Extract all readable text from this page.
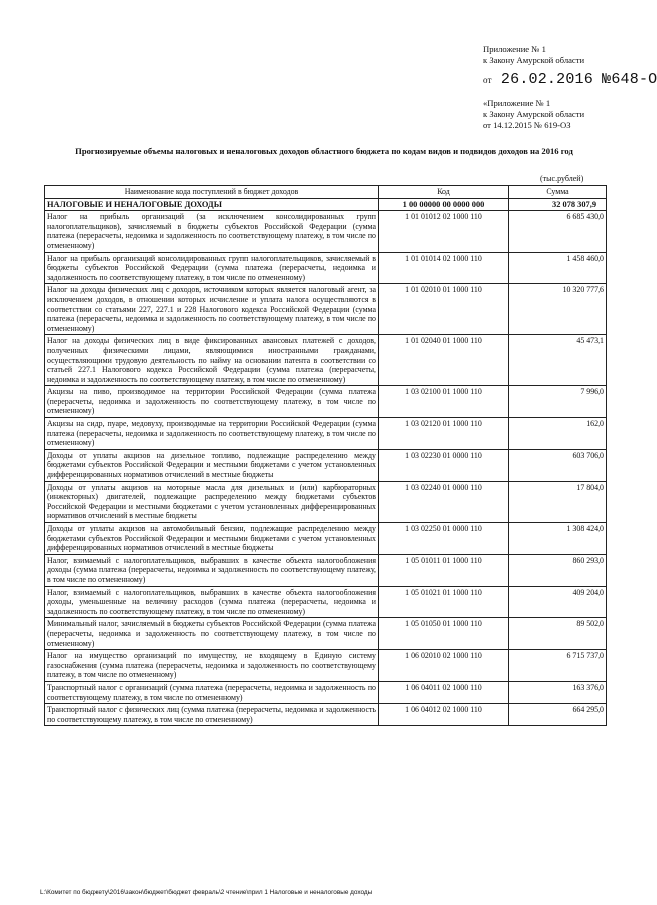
Приложение № 1
к Закону Амурской области
от 26.02.2016 №648-О
«Приложение № 1
к Закону Амурской области
от 14.12.2015 № 619-ОЗ
Прогнозируемые объемы налоговых и неналоговых доходов областного бюджета по кодам видов и подвидов доходов на 2016 год
(тыс.рублей)
Наименование кода поступлений в бюджет доходов	Код	Сумма
НАЛОГОВЫЕ И НЕНАЛОГОВЫЕ ДОХОДЫ	1 00 00000 00 0000 000	32 078 307,9
Налог на прибыль организаций (за исключением консолидированных групп налогоплательщиков), зачисляемый в бюджеты субъектов Российской Федерации (сумма платежа (перерасчеты, недоимка и задолженность по соответствующему платежу, в том числе по отмененному)	1 01 01012 02 1000 110	6 685 430,0
Налог на прибыль организаций консолидированных групп налогоплательщиков, зачисляемый в бюджеты субъектов Российской Федерации (сумма платежа (перерасчеты, недоимка и задолженность по соответствующему платежу, в том числе по отмененному)	1 01 01014 02 1000 110	1 458 460,0
Налог на доходы физических лиц с доходов, источником которых является налоговый агент, за исключением доходов, в отношении которых исчисление и уплата налога осуществляются в соответствии со статьями 227, 227.1 и 228 Налогового кодекса Российской Федерации (сумма платежа (перерасчеты, недоимка и задолженность по соответствующему платежу, в том числе по отмененному)	1 01 02010 01 1000 110	10 320 777,6
Налог на доходы физических лиц в виде фиксированных авансовых платежей с доходов, полученных физическими лицами, являющимися иностранными гражданами, осуществляющими трудовую деятельность по найму на основании патента в соответствии со статьей 227.1 Налогового кодекса Российской Федерации (сумма платежа (перерасчеты, недоимка и задолженность по соответствующему платежу, в том числе по отмененному)	1 01 02040 01 1000 110	45 473,1
Акцизы на пиво, производимое на территории Российской Федерации (сумма платежа (перерасчеты, недоимка и задолженность по соответствующему платежу, в том числе по отмененному)	1 03 02100 01 1000 110	7 996,0
Акцизы на сидр, пуаре, медовуху, производимые на территории Российской Федерации (сумма платежа (перерасчеты, недоимка и задолженность по соответствующему платежу, в том числе по отмененному)	1 03 02120 01 1000 110	162,0
Доходы от уплаты акцизов на дизельное топливо, подлежащие распределению между бюджетами субъектов Российской Федерации и местными бюджетами с учетом установленных дифференцированных нормативов отчислений в местные бюджеты	1 03 02230 01 0000 110	603 706,0
Доходы от уплаты акцизов на моторные масла для дизельных и (или) карбюраторных (инжекторных) двигателей, подлежащие распределению между бюджетами субъектов Российской Федерации и местными бюджетами с учетом установленных дифференцированных нормативов отчислений в местные бюджеты	1 03 02240 01 0000 110	17 804,0
Доходы от уплаты акцизов на автомобильный бензин, подлежащие распределению между бюджетами субъектов Российской Федерации и местными бюджетами с учетом установленных дифференцированных нормативов отчислений в местные бюджеты	1 03 02250 01 0000 110	1 308 424,0
Налог, взимаемый с налогоплательщиков, выбравших в качестве объекта налогообложения доходы (сумма платежа (перерасчеты, недоимка и задолженность по соответствующему платежу, в том числе по отмененному)	1 05 01011 01 1000 110	860 293,0
Налог, взимаемый с налогоплательщиков, выбравших в качестве объекта налогообложения доходы, уменьшенные на величину расходов (сумма платежа (перерасчеты, недоимка и задолженность по соответствующему платежу, в том числе по отмененному)	1 05 01021 01 1000 110	409 204,0
Минимальный налог, зачисляемый в бюджеты субъектов Российской Федерации (сумма платежа (перерасчеты, недоимка и задолженность по соответствующему платежу, в том числе по отмененному)	1 05 01050 01 1000 110	89 502,0
Налог на имущество организаций по имуществу, не входящему в Единую систему газоснабжения (сумма платежа (перерасчеты, недоимка и задолженность по соответствующему платежу, в том числе по отмененному)	1 06 02010 02 1000 110	6 715 737,0
Транспортный налог с организаций (сумма платежа (перерасчеты, недоимка и задолженность по соответствующему платежу, в том числе по отмененному)	1 06 04011 02 1000 110	163 376,0
Транспортный налог с физических лиц (сумма платежа (перерасчеты, недоимка и задолженность по соответствующему платежу, в том числе по отмененному)	1 06 04012 02 1000 110	664 295,0
L:\Комитет по бюджету\2016\закон\бюджет\бюджет февраль\2 чтение\прил 1 Налоговые и неналоговые доходы
